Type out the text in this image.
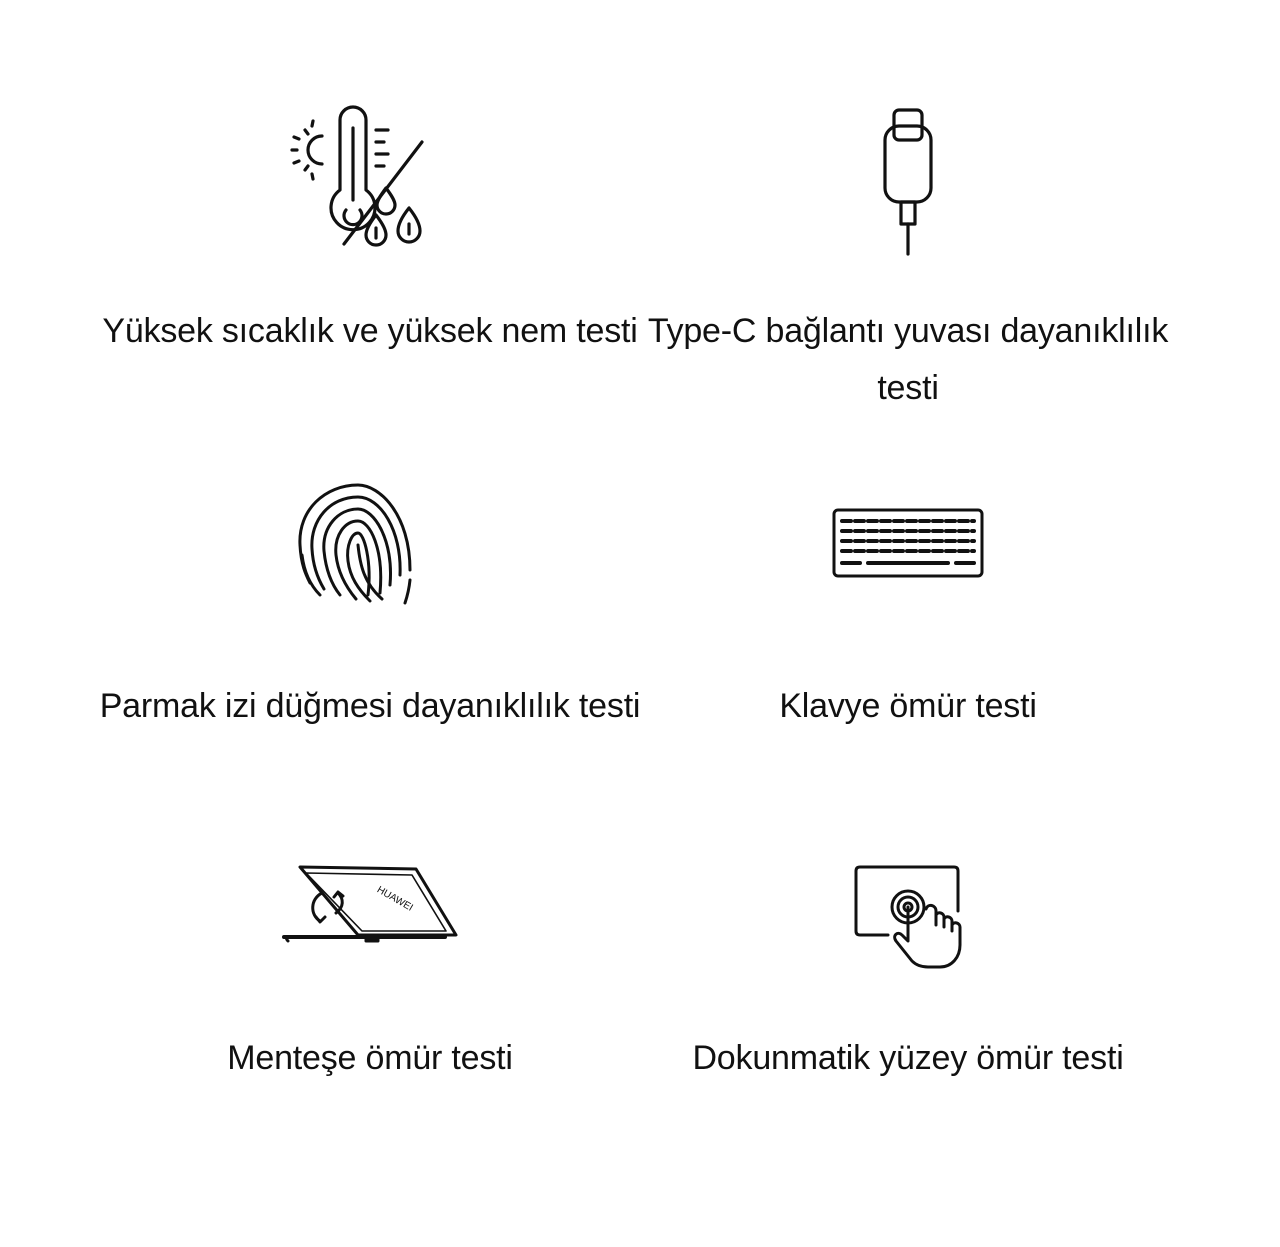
Yüksek sıcaklık ve yüksek nem testi Type-C bağlantı yuvası dayanıklılık testi
Parmak izi düğmesi dayanıklılık testi	Klavye ömür testi
HUAWEI
Menteşe ömür testi	Dokunmatik yüzey ömür testi
